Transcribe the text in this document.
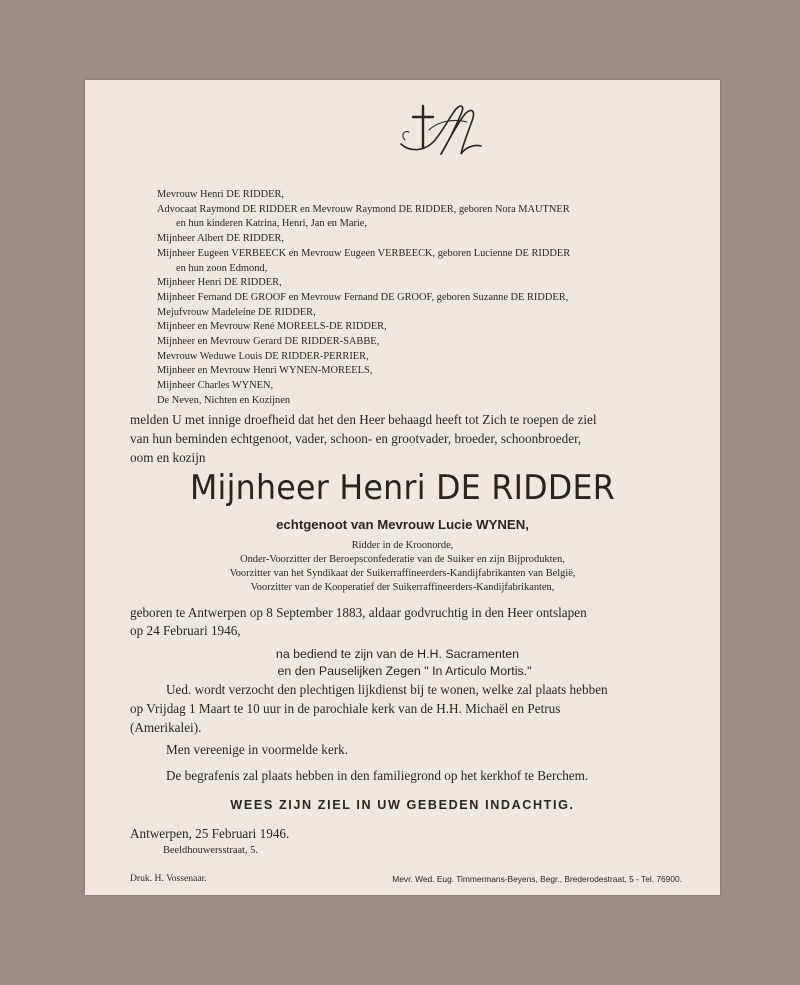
Mevrouw Henri DE RIDDER,
Advocaat Raymond DE RIDDER en Mevrouw Raymond DE RIDDER, geboren Nora MAUTNER
en hun kinderen Katrina, Henri, Jan en Marie,
Mijnheer Albert DE RIDDER,
Mijnheer Eugeen VERBEECK en Mevrouw Eugeen VERBEECK, geboren Lucienne DE RIDDER
en hun zoon Edmond,
Mijnheer Henri DE RIDDER,
Mijnheer Fernand DE GROOF en Mevrouw Fernand DE GROOF, geboren Suzanne DE RIDDER,
Mejufvrouw Madeleine DE RIDDER,
Mijnheer en Mevrouw René MOREELS-DE RIDDER,
Mijnheer en Mevrouw Gerard DE RIDDER-SABBE,
Mevrouw Weduwe Louis DE RIDDER-PERRIER,
Mijnheer en Mevrouw Henri WYNEN-MOREELS,
Mijnheer Charles WYNEN,
De Neven, Nichten en Kozijnen
melden U met innige droefheid dat het den Heer behaagd heeft tot Zich te roepen de ziel
van hun beminden echtgenoot, vader, schoon- en grootvader, broeder, schoonbroeder,
oom en kozijn
Mijnheer Henri DE RIDDER
echtgenoot van Mevrouw Lucie WYNEN,
Ridder in de Kroonorde,
Onder-Voorzitter der Beroepsconfederatie van de Suiker en zijn Bijprodukten,
Voorzitter van het Syndikaat der Suikerraffineerders-Kandijfabrikanten van België,
Voorzitter van de Kooperatief der Suikerraffineerders-Kandijfabrikanten,
geboren te Antwerpen op 8 September 1883, aldaar godvruchtig in den Heer ontslapen
op 24 Februari 1946,
na bediend te zijn van de H.H. Sacramenten
en den Pauselijken Zegen " In Articulo Mortis."
Ued. wordt verzocht den plechtigen lijkdienst bij te wonen, welke zal plaats hebben
op Vrijdag 1 Maart te 10 uur in de parochiale kerk van de H.H. Michaël en Petrus
(Amerikalei).
Men vereenige in voormelde kerk.
De begrafenis zal plaats hebben in den familiegrond op het kerkhof te Berchem.
WEES ZIJN ZIEL IN UW GEBEDEN INDACHTIG.
Antwerpen, 25 Februari 1946.
Beeldhouwersstraat, 5.
Druk. H. Vossenaar.	Mevr. Wed. Eug. Timmermans-Beyens, Begr., Brederodestraat, 5 - Tel. 76900.
